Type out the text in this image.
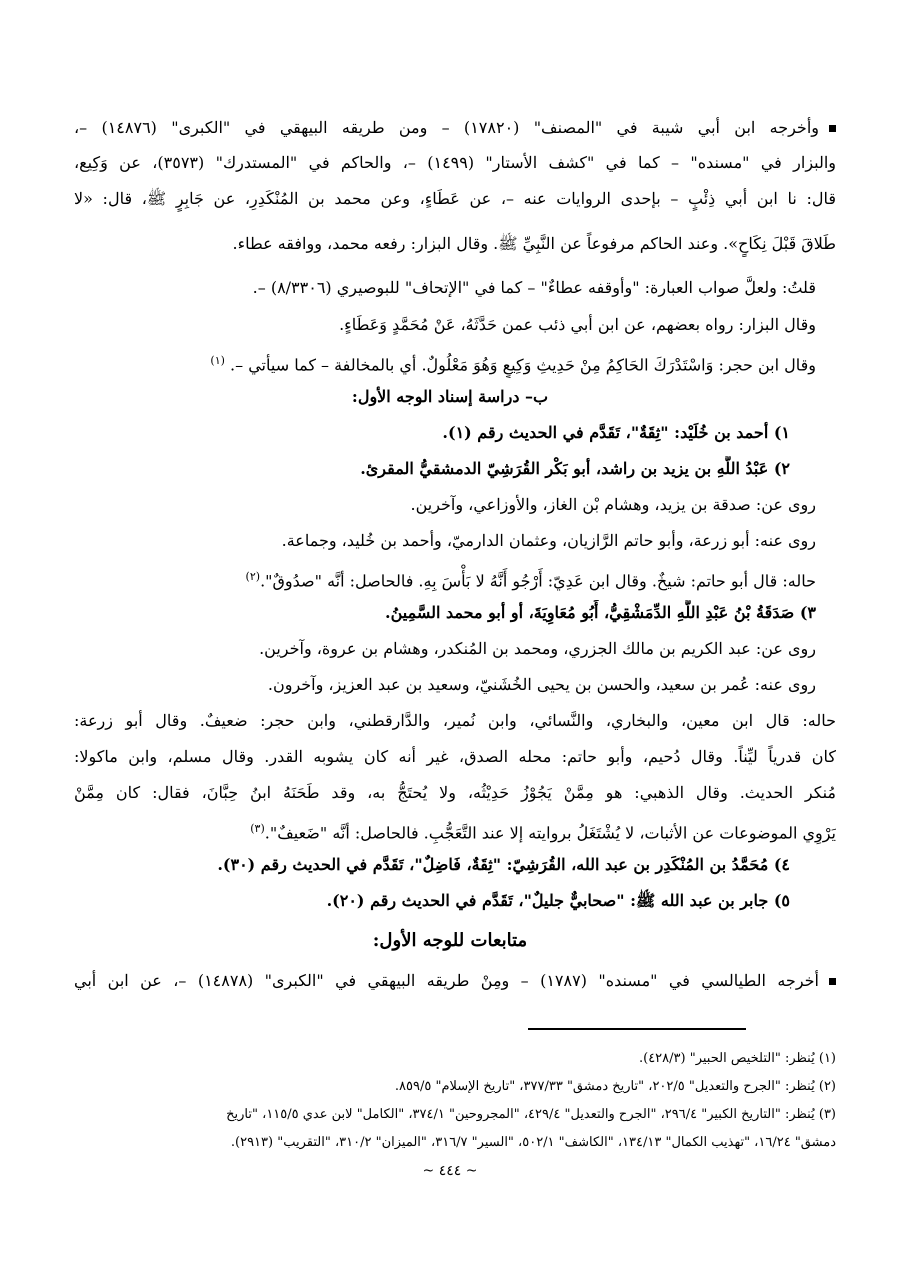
وأخرجه ابن أبي شيبة في "المصنف" (١٧٨٢٠) – ومن طريقه البيهقي في "الكبرى" (١٤٨٧٦) –،
والبزار في "مسنده" – كما في "كشف الأستار" (١٤٩٩) –، والحاكم في "المستدرك" (٣٥٧٣)، عن وَكِيع،
قال: نا ابن أبي ذِئْبٍ – بإحدى الروايات عنه –، عن عَطَاءٍ، وعن محمد بن المُنْكَدِرِ، عن جَابِرٍ ﷺ، قال: «لا
طَلاقَ قَبْلَ نِكَاحٍ». وعند الحاكم مرفوعاً عن النَّبِيِّ ﷺ. وقال البزار: رفعه محمد، ووافقه عطاء.
قلتُ: ولعلَّ صواب العبارة: "وأوقفه عطاءٌ" – كما في "الإتحاف" للبوصيري (٨/٣٣٠٦) –.
وقال البزار: رواه بعضهم، عن ابن أبي ذئب عمن حَدَّثَهُ، عَنْ مُحَمَّدٍ وَعَطَاءٍ.
وقال ابن حجر: وَاسْتَدْرَكَ الحَاكِمُ مِنْ حَدِيثِ وَكِيعٍ وَهُوَ مَعْلُولٌ. أي بالمخالفة – كما سيأتي –. $^{(١)}$
ب– دراسة إسناد الوجه الأول:
١) أحمد بن خُلَيْد: "ثِقَةٌ"، تَقَدَّم في الحديث رقم (١).
٢) عَبْدُ اللَّهِ بن يزيد بن راشد، أبو بَكْر القُرَشِيّ الدمشقيُّ المقرئ.
روى عن: صدقة بن يزيد، وهشام بْن الغاز، والأوزاعي، وآخرين.
روى عنه: أبو زرعة، وأبو حاتم الرَّازيان، وعثمان الدارميّ، وأحمد بن خُليد، وجماعة.
حاله: قال أبو حاتم: شيخٌ. وقال ابن عَدِيّ: أَرْجُو أَنَّهُ لا بَأْسَ بِهِ. فالحاصل: أنَّه "صدُوقٌ".$^{(٢)}$
٣) صَدَقَةُ بْنُ عَبْدِ اللَّهِ الدِّمَشْقِيُّ، أَبُو مُعَاوِيَةَ، أو أبو محمد السَّمِينُ.
روى عن: عبد الكريم بن مالك الجزري، ومحمد بن المُنكدر، وهشام بن عروة، وآخرين.
روى عنه: عُمر بن سعيد، والحسن بن يحيى الخُشَنيّ، وسعيد بن عبد العزيز، وآخرون.
حاله: قال ابن معين، والبخاري، والنَّسائي، وابن نُمير، والدَّارقطني، وابن حجر: ضعيفٌ. وقال أبو زرعة:
كان قدرياً ليِّناً. وقال دُحيم، وأبو حاتم: محله الصدق، غير أنه كان يشوبه القدر. وقال مسلم، وابن ماكولا:
مُنكر الحديث. وقال الذهبي: هو مِمَّنْ يَجُوْزُ حَدِيْثُه، ولا يُحتَجُّ به، وقد طَحَنَهُ ابنُ حِبَّانَ، فقال: كان مِمَّنْ
يَرْوِي الموضوعات عن الأثبات، لا يُشْتَغَلُ بروايته إلا عند التَّعَجُّبِ. فالحاصل: أنَّه "ضَعيفٌ".$^{(٣)}$
٤) مُحَمَّدُ بن المُنْكَدِر بن عبد الله، القُرَشِيّ: "ثِقَةٌ، فَاضِلٌ"، تَقَدَّم في الحديث رقم (٣٠).
٥) جابر بن عبد الله ﷺ: "صحابيٌّ جليلٌ"، تَقَدَّم في الحديث رقم (٢٠).
متابعات للوجه الأول:
أخرجه الطيالسي في "مسنده" (١٧٨٧) – ومِنْ طريقه البيهقي في "الكبرى" (١٤٨٧٨) –، عن ابن أبي
(١) يُنظر: "التلخيص الحبير" (٤٢٨/٣).
(٢) يُنظر: "الجرح والتعديل" ٢٠٢/٥، "تاريخ دمشق" ٣٧٧/٣٣، "تاريخ الإسلام" ٨٥٩/٥.
(٣) يُنظر: "التاريخ الكبير" ٢٩٦/٤، "الجرح والتعديل" ٤٢٩/٤، "المجروحين" ٣٧٤/١، "الكامل" لابن عدي ١١٥/٥، "تاريخ
دمشق" ١٦/٢٤، "تهذيب الكمال" ١٣٤/١٣، "الكاشف" ٥٠٢/١، "السير" ٣١٦/٧، "الميزان" ٣١٠/٢، "التقريب" (٢٩١٣).
~ ٤٤٤ ~
